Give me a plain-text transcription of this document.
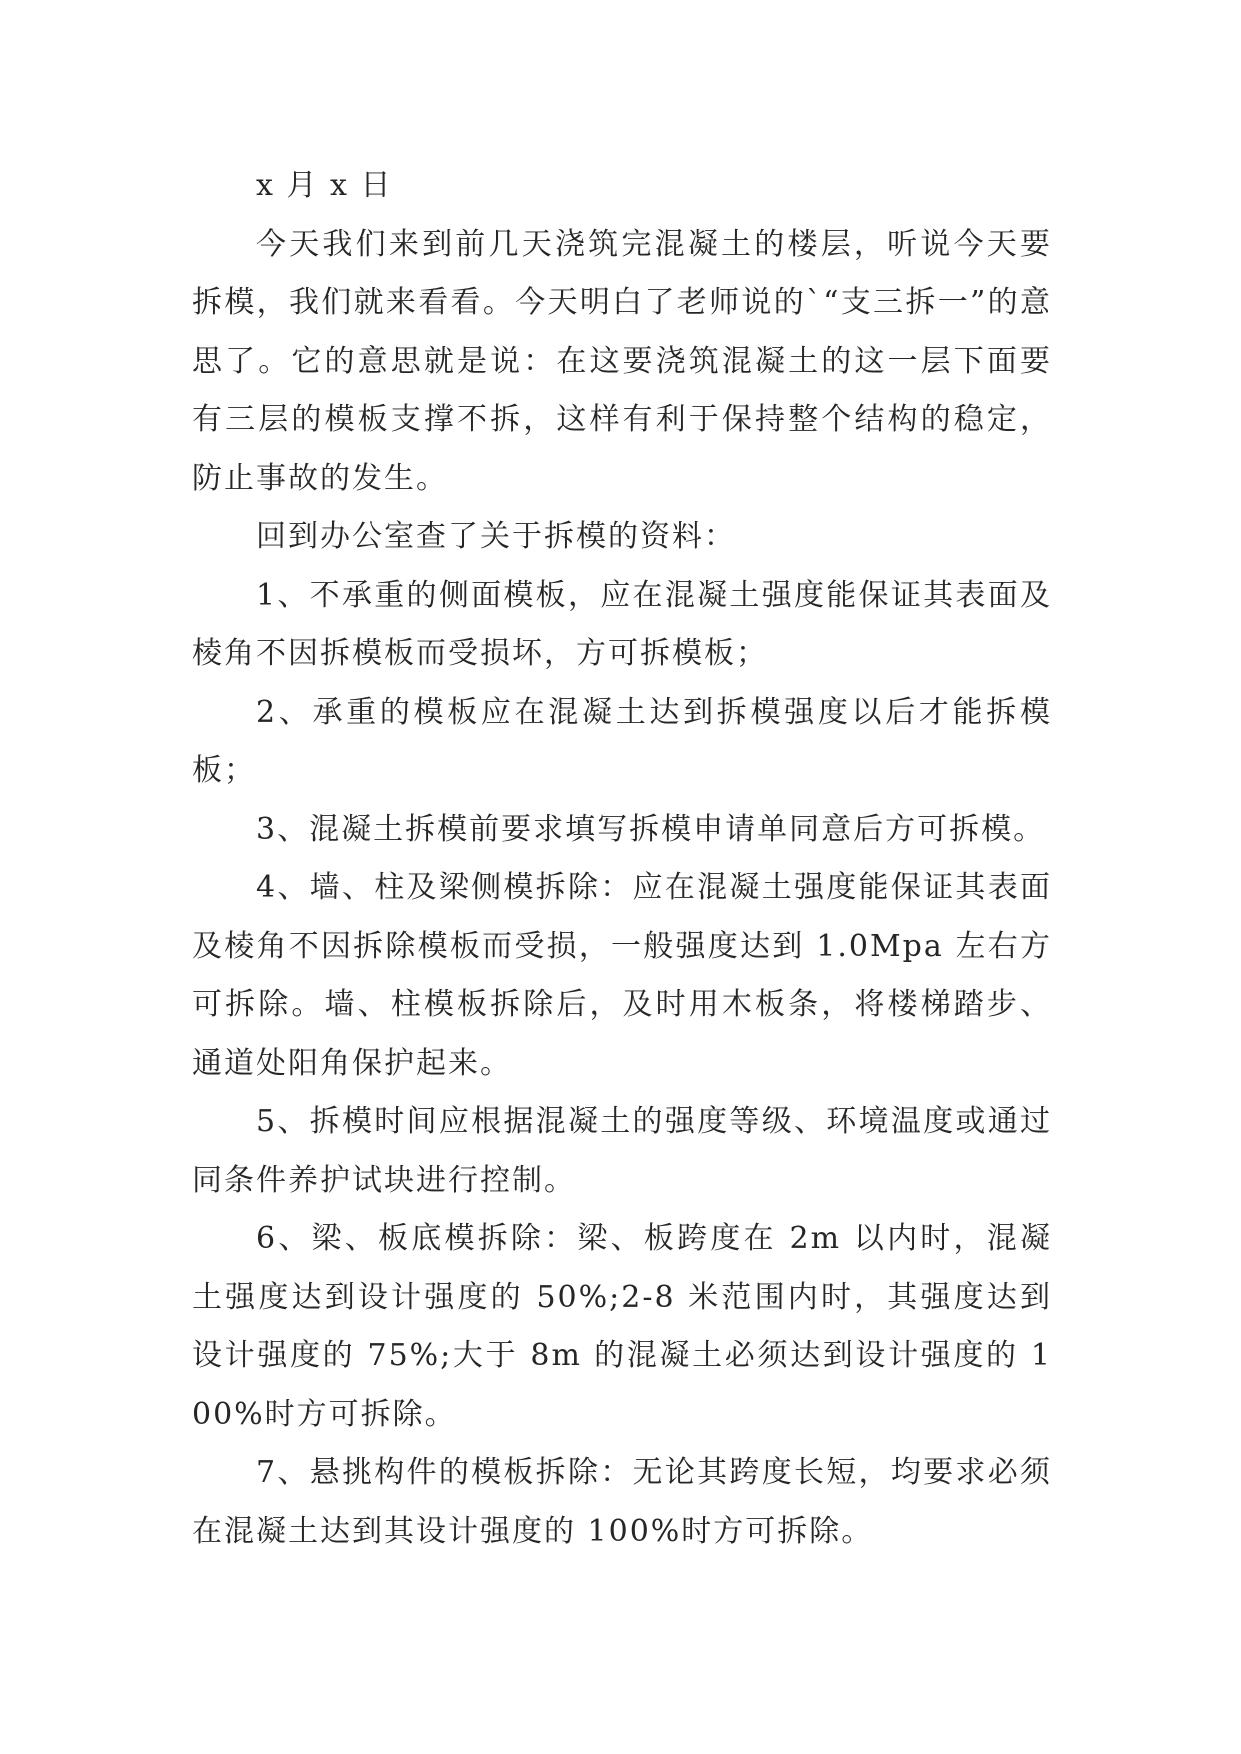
x 月 x 日

今天我们来到前几天浇筑完混凝土的楼层，听说今天要拆模，我们就来看看。今天明白了老师说的`“支三拆一”的意思了。它的意思就是说：在这要浇筑混凝土的这一层下面要有三层的模板支撑不拆，这样有利于保持整个结构的稳定，防止事故的发生。

回到办公室查了关于拆模的资料：

1、不承重的侧面模板，应在混凝土强度能保证其表面及棱角不因拆模板而受损坏，方可拆模板；

2、承重的模板应在混凝土达到拆模强度以后才能拆模板；

3、混凝土拆模前要求填写拆模申请单同意后方可拆模。

4、墙、柱及梁侧模拆除：应在混凝土强度能保证其表面及棱角不因拆除模板而受损，一般强度达到 1.0Mpa 左右方可拆除。墙、柱模板拆除后，及时用木板条，将楼梯踏步、通道处阳角保护起来。

5、拆模时间应根据混凝土的强度等级、环境温度或通过同条件养护试块进行控制。

6、梁、板底模拆除：梁、板跨度在 2m 以内时，混凝土强度达到设计强度的 50%;2-8 米范围内时，其强度达到设计强度的 75%;大于 8m 的混凝土必须达到设计强度的 100%时方可拆除。

7、悬挑构件的模板拆除：无论其跨度长短，均要求必须在混凝土达到其设计强度的 100%时方可拆除。
